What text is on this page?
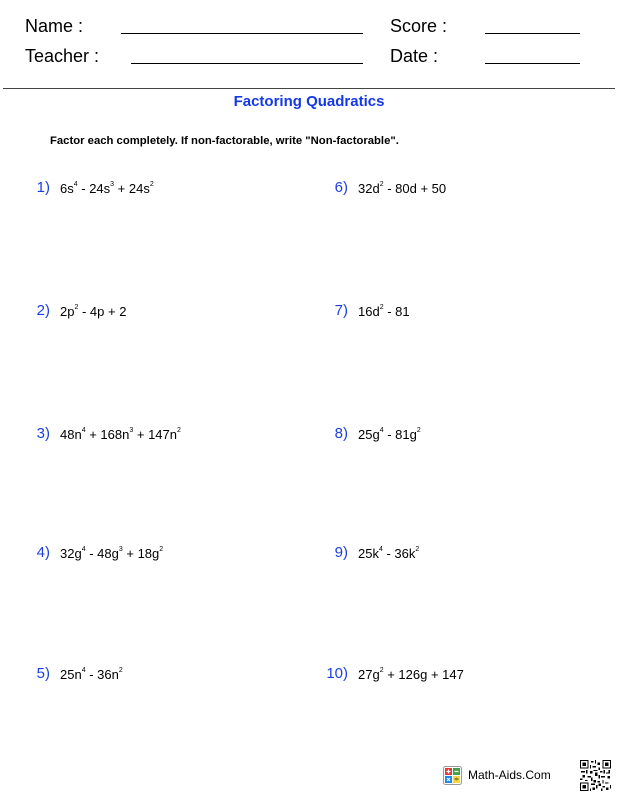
Name :	Score :
Teacher :	Date :
Factoring Quadratics
Factor each completely. If non-factorable, write "Non-factorable".
1) $6s^4 - 24s^3 + 24s^2$
2) $2p^2 - 4p + 2$
3) $48n^4 + 168n^3 + 147n^2$
4) $32g^4 - 48g^3 + 18g^2$
5) $25n^4 - 36n^2$
6) $32d^2 - 80d + 50$
7) $16d^2 - 81$
8) $25g^4 - 81g^2$
9) $25k^4 - 36k^2$
10) $27g^2 + 126g + 147$
Math-Aids.Com
